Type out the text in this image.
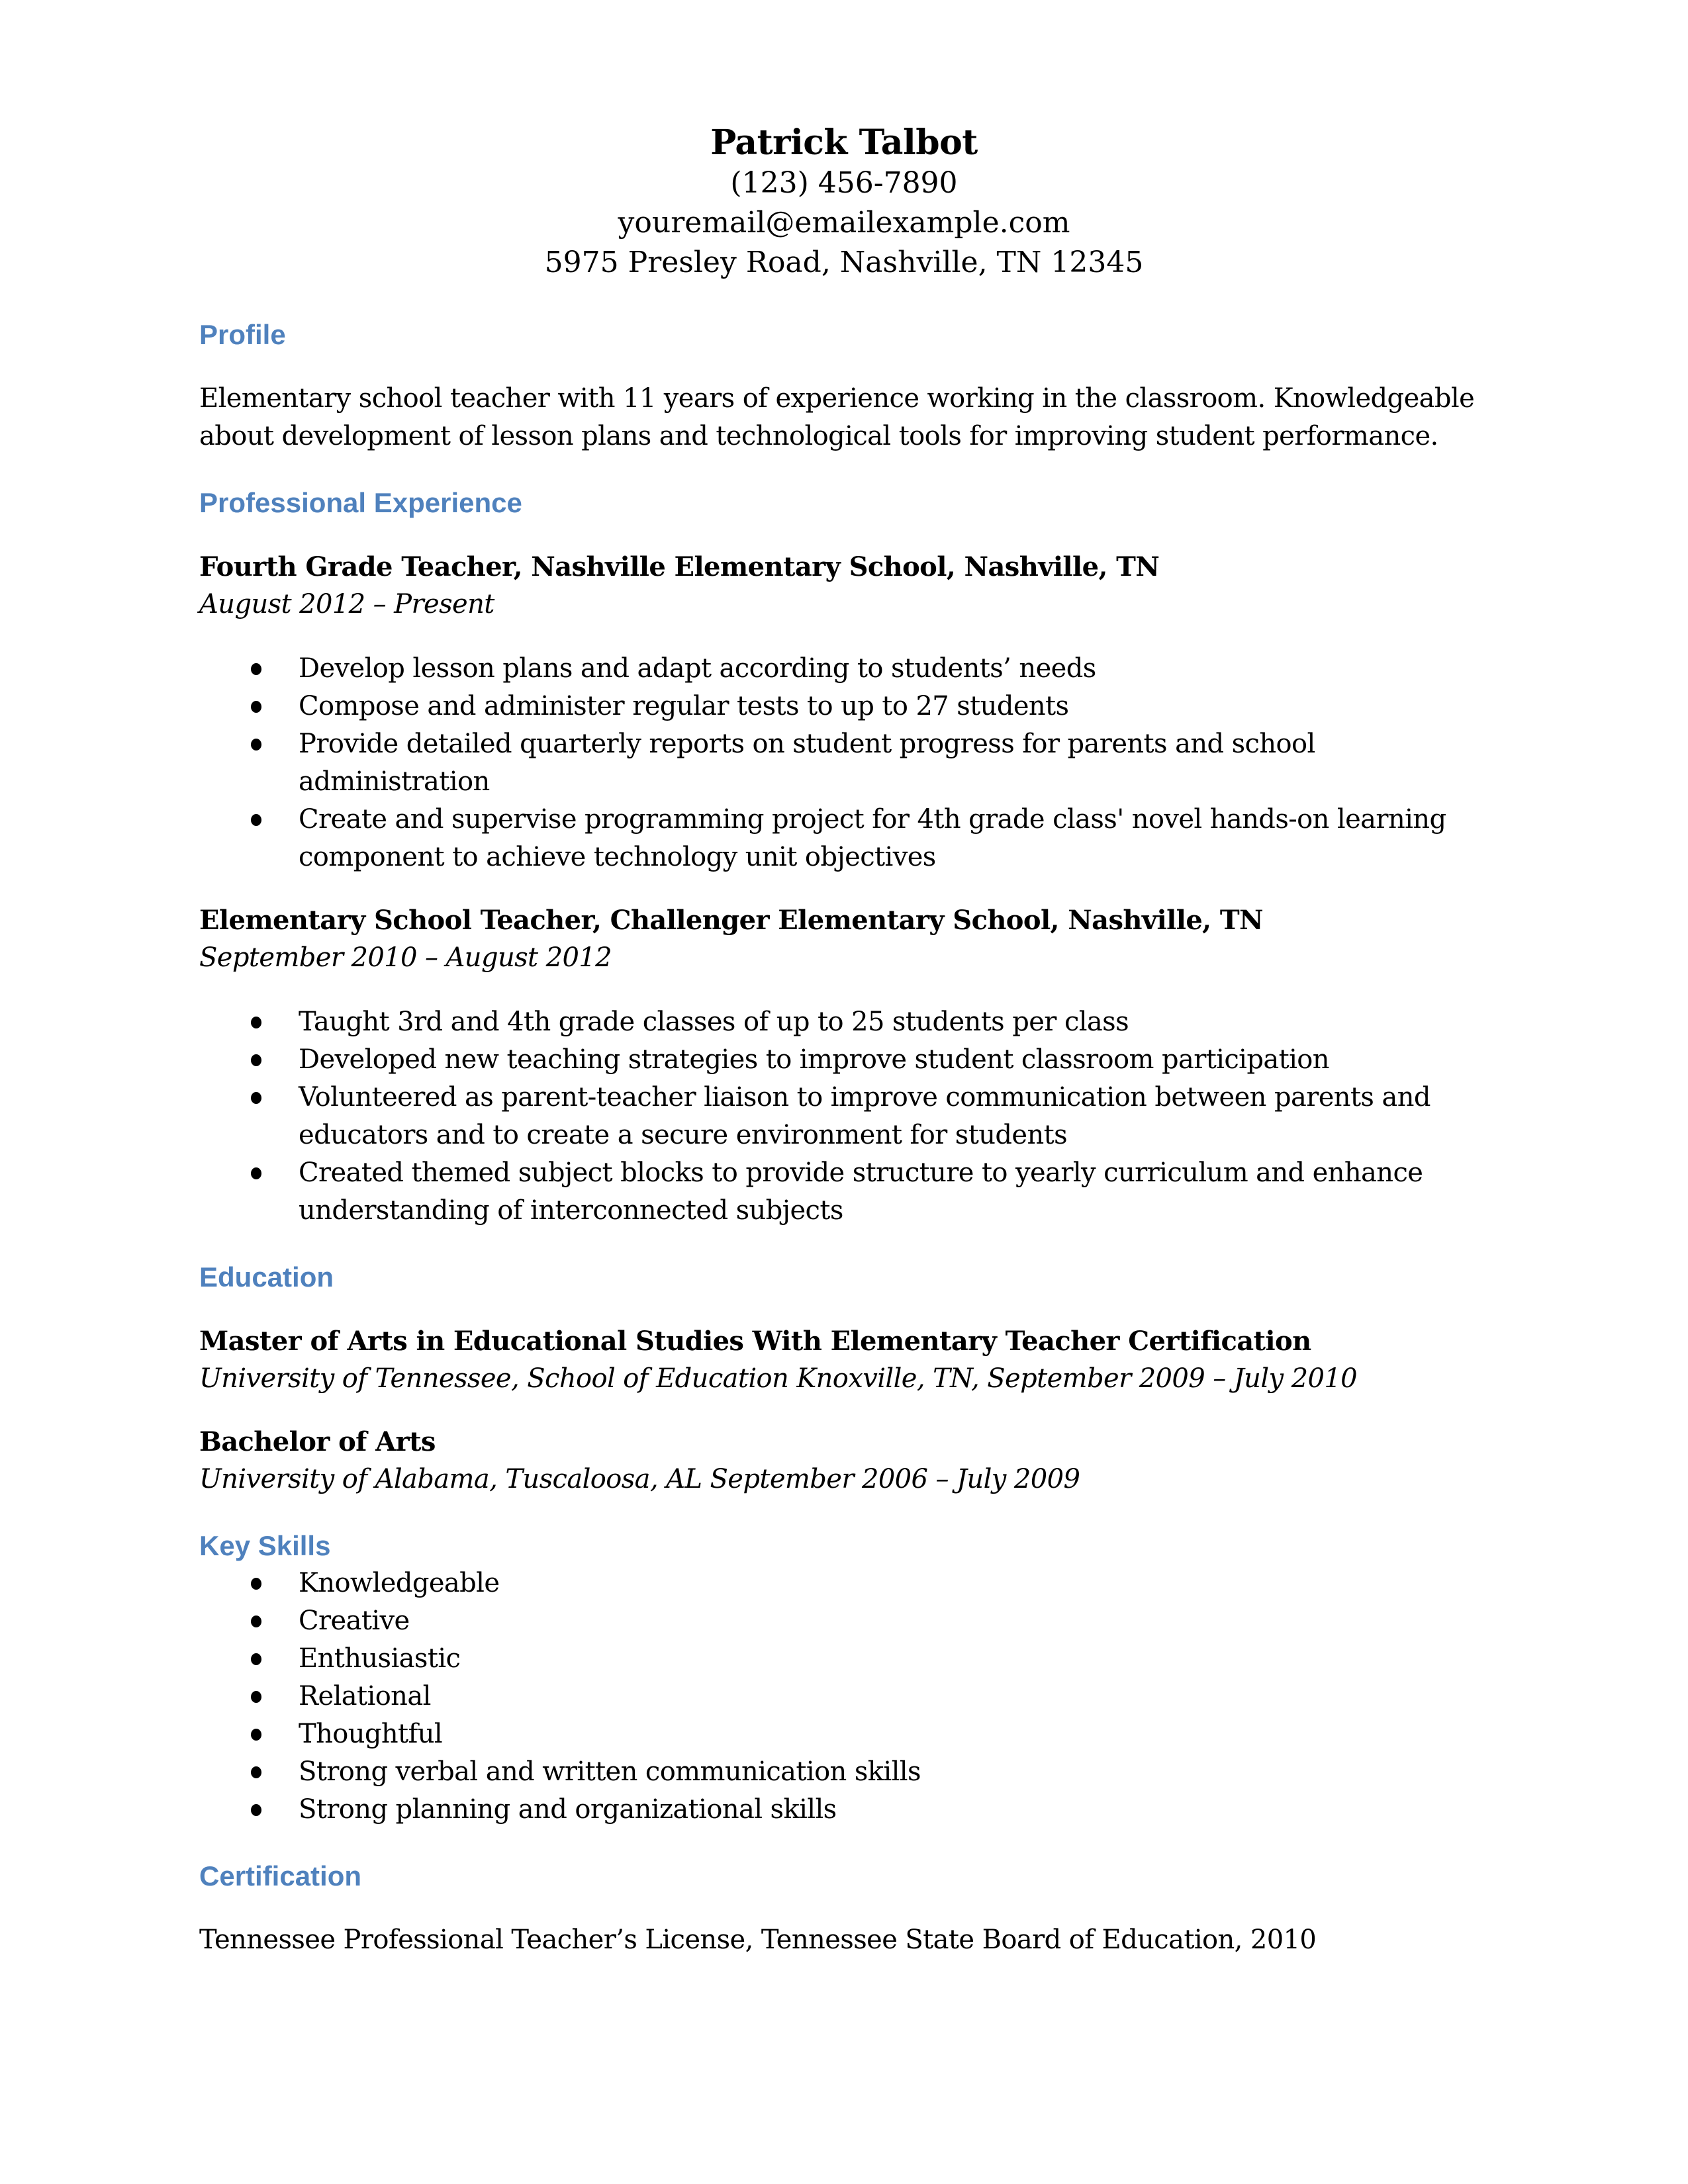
Patrick Talbot

(123) 456-7890

youremail@emailexample.com

5975 Presley Road, Nashville, TN 12345

Profile

Elementary school teacher with 11 years of experience working in the classroom. Knowledgeable about development of lesson plans and technological tools for improving student performance.

Professional Experience

Fourth Grade Teacher, Nashville Elementary School, Nashville, TN

August 2012 – Present

Develop lesson plans and adapt according to students’ needs
Compose and administer regular tests to up to 27 students
Provide detailed quarterly reports on student progress for parents and school administration
Create and supervise programming project for 4th grade class' novel hands-on learning component to achieve technology unit objectives

Elementary School Teacher, Challenger Elementary School, Nashville, TN

September 2010 – August 2012

Taught 3rd and 4th grade classes of up to 25 students per class
Developed new teaching strategies to improve student classroom participation
Volunteered as parent-teacher liaison to improve communication between parents and educators and to create a secure environment for students
Created themed subject blocks to provide structure to yearly curriculum and enhance understanding of interconnected subjects
Education

Master of Arts in Educational Studies With Elementary Teacher Certification

University of Tennessee, School of Education Knoxville, TN, September 2009 – July 2010

Bachelor of Arts

University of Alabama, Tuscaloosa, AL September 2006 – July 2009

Key Skills
Knowledgeable
Creative
Enthusiastic
Relational
Thoughtful
Strong verbal and written communication skills
Strong planning and organizational skills
Certification

Tennessee Professional Teacher’s License, Tennessee State Board of Education, 2010
